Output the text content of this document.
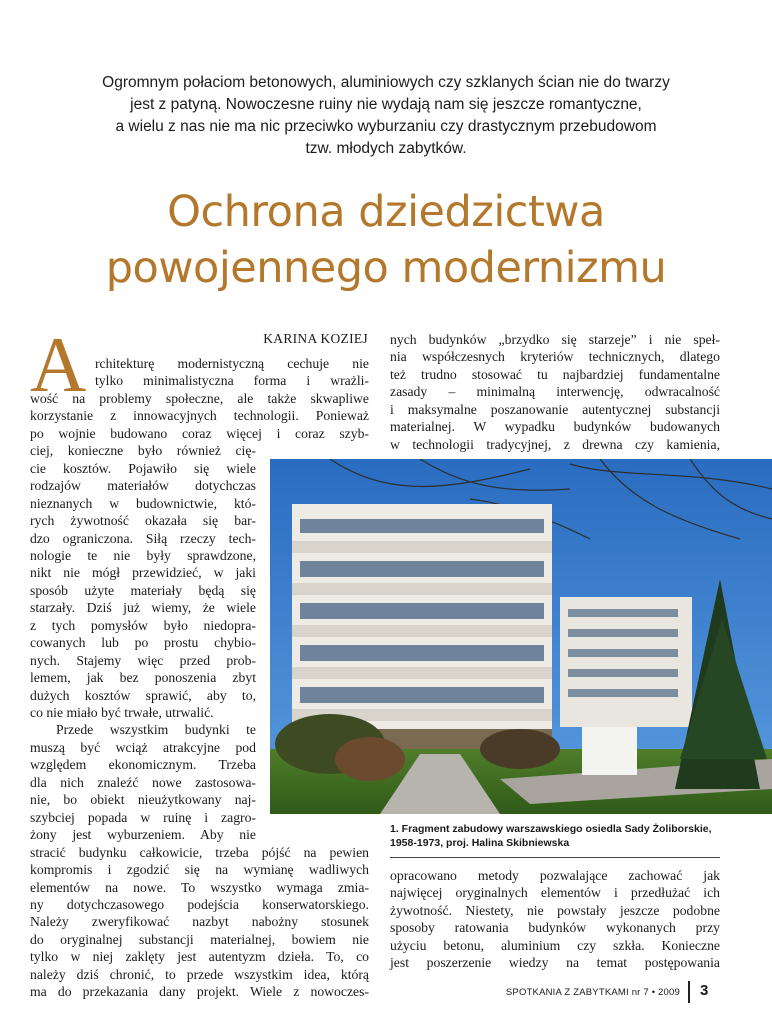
Ogromnym połaciom betonowych, aluminiowych czy szklanych ścian nie do twarzy
jest z patyną. Nowoczesne ruiny nie wydają nam się jeszcze romantyczne,
a wielu z nas nie ma nic przeciwko wyburzaniu czy drastycznym przebudowom
tzw. młodych zabytków.
Ochrona dziedzictwa
powojennego modernizmu
KARINA KOZIEJ
A rchitekturę modernistyczną cechuje nie
tylko minimalistyczna forma i wrażli-
wość na problemy społeczne, ale także skwapliwe
korzystanie z innowacyjnych technologii. Ponieważ
po wojnie budowano coraz więcej i coraz szyb-
ciej, konieczne było również cię-
cie kosztów. Pojawiło się wiele
rodzajów materiałów dotychczas
nieznanych w budownictwie, któ-
rych żywotność okazała się bar-
dzo ograniczona. Siłą rzeczy tech-
nologie te nie były sprawdzone,
nikt nie mógł przewidzieć, w jaki
sposób użyte materiały będą się
starzały. Dziś już wiemy, że wiele
z tych pomysłów było niedopra-
cowanych lub po prostu chybio-
nych. Stajemy więc przed prob-
lemem, jak bez ponoszenia zbyt
dużych kosztów sprawić, aby to,
co nie miało być trwałe, utrwalić.
Przede wszystkim budynki te
muszą być wciąż atrakcyjne pod
względem ekonomicznym. Trzeba
dla nich znaleźć nowe zastosowa-
nie, bo obiekt nieużytkowany naj-
szybciej popada w ruinę i zagro-
żony jest wyburzeniem. Aby nie
stracić budynku całkowicie, trzeba pójść na pewien
kompromis i zgodzić się na wymianę wadliwych
elementów na nowe. To wszystko wymaga zmia-
ny dotychczasowego podejścia konserwatorskiego.
Należy zweryfikować nazbyt nabożny stosunek
do oryginalnej substancji materialnej, bowiem nie
tylko w niej zaklęty jest autentyzm dzieła. To, co
należy dziś chronić, to przede wszystkim idea, którą
ma do przekazania dany projekt. Wiele z nowoczes-
nych budynków „brzydko się starzeje” i nie speł-
nia współczesnych kryteriów technicznych, dlatego
też trudno stosować tu najbardziej fundamentalne
zasady – minimalną interwencję, odwracalność
i maksymalne poszanowanie autentycznej substancji
materialnej. W wypadku budynków budowanych
w technologii tradycyjnej, z drewna czy kamienia,
opracowano metody pozwalające zachować jak
najwięcej oryginalnych elementów i przedłużać ich
żywotność. Niestety, nie powstały jeszcze podobne
sposoby ratowania budynków wykonanych przy
użyciu betonu, aluminium czy szkła. Konieczne
jest poszerzenie wiedzy na temat postępowania
1. Fragment zabudowy warszawskiego osiedla Sady Żoliborskie,
1958-1973, proj. Halina Skibniewska
SPOTKANIA Z ZABYTKAMI nr 7 • 2009 3
